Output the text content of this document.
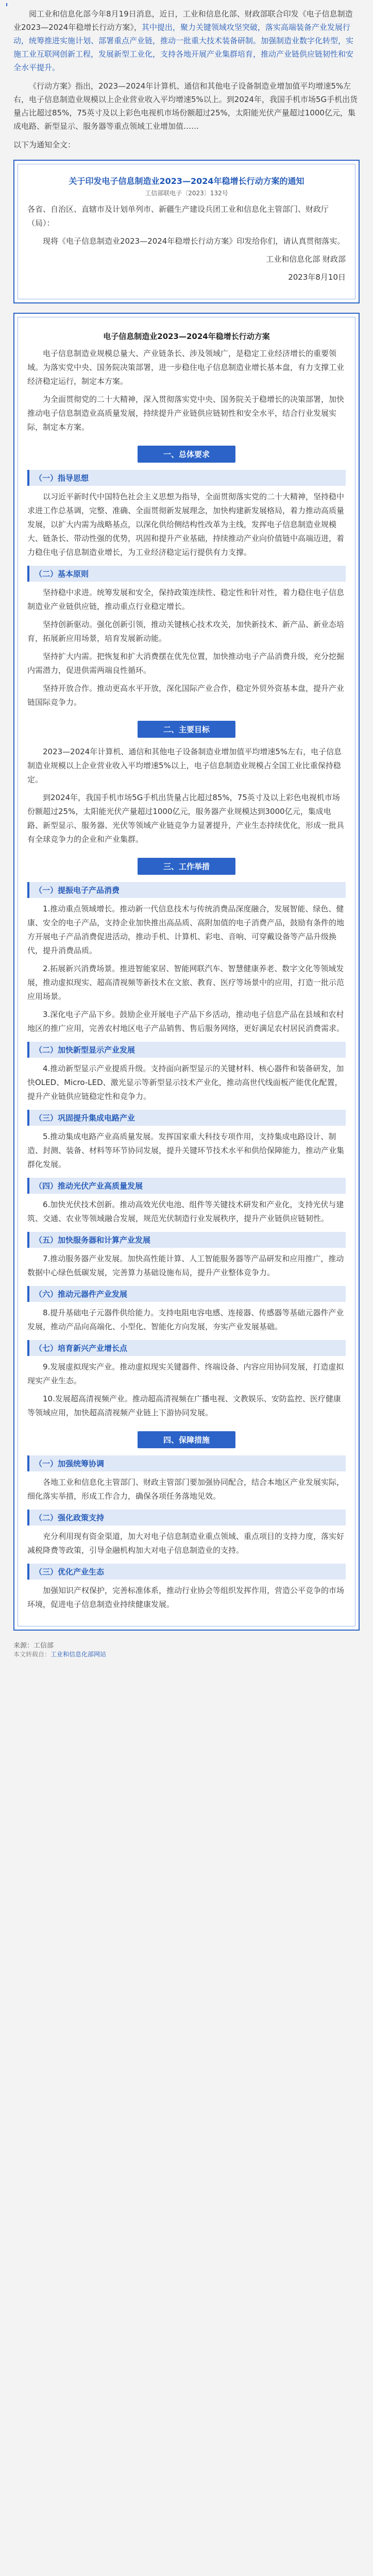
阅工业和信息化部今年8月19日消息，近日，工业和信息化部、财政部联合印发《电子信息制造业2023—2024年稳增长行动方案》，其中提出，聚力关键领域攻坚突破，落实高端装备产业发展行动，统筹推进实施计划、部署重点产业链，推动一批重大技术装备研制。加强制造业数字化转型，实施工业互联网创新工程，发展新型工业化，支持各地开展产业集群培育，推动产业链供应链韧性和安全水平提升。

《行动方案》指出，2023—2024年计算机、通信和其他电子设备制造业增加值平均增速5%左右，电子信息制造业规模以上企业营业收入平均增速5%以上。到2024年，我国手机市场5G手机出货量占比超过85%，75英寸及以上彩色电视机市场份额超过25%，太阳能光伏产量超过1000亿元，集成电路、新型显示、服务器等重点领域工业增加值……

以下为通知全文：

关于印发电子信息制造业2023—2024年稳增长行动方案的通知
工信部联电子〔2023〕132号

各省、自治区、直辖市及计划单列市、新疆生产建设兵团工业和信息化主管部门、财政厅（局）：

现将《电子信息制造业2023—2024年稳增长行动方案》印发给你们，请认真贯彻落实。

工业和信息化部 财政部

2023年8月10日

电子信息制造业2023—2024年稳增长行动方案

电子信息制造业规模总量大、产业链条长、涉及领域广，是稳定工业经济增长的重要领域。为落实党中央、国务院决策部署，进一步稳住电子信息制造业增长基本盘，有力支撑工业经济稳定运行，制定本方案。

为全面贯彻党的二十大精神，深入贯彻落实党中央、国务院关于稳增长的决策部署，加快推动电子信息制造业高质量发展，持续提升产业链供应链韧性和安全水平，结合行业发展实际，制定本方案。

一、总体要求
（一）指导思想

以习近平新时代中国特色社会主义思想为指导，全面贯彻落实党的二十大精神，坚持稳中求进工作总基调，完整、准确、全面贯彻新发展理念，加快构建新发展格局，着力推动高质量发展，以扩大内需为战略基点，以深化供给侧结构性改革为主线，发挥电子信息制造业规模大、链条长、带动性强的优势，巩固和提升产业基础，持续推动产业向价值链中高端迈进，着力稳住电子信息制造业增长，为工业经济稳定运行提供有力支撑。

（二）基本原则

坚持稳中求进。统筹发展和安全，保持政策连续性、稳定性和针对性，着力稳住电子信息制造业产业链供应链，推动重点行业稳定增长。

坚持创新驱动。强化创新引领，推动关键核心技术攻关，加快新技术、新产品、新业态培育，拓展新应用场景，培育发展新动能。

坚持扩大内需。把恢复和扩大消费摆在优先位置，加快推动电子产品消费升级，充分挖掘内需潜力，促进供需两端良性循环。

坚持开放合作。推动更高水平开放，深化国际产业合作，稳定外贸外资基本盘，提升产业链国际竞争力。

二、主要目标

2023—2024年计算机、通信和其他电子设备制造业增加值平均增速5%左右，电子信息制造业规模以上企业营业收入平均增速5%以上，电子信息制造业规模占全国工业比重保持稳定。

到2024年，我国手机市场5G手机出货量占比超过85%，75英寸及以上彩色电视机市场份额超过25%，太阳能光伏产量超过1000亿元，服务器产业规模达到3000亿元，集成电路、新型显示、服务器、光伏等领域产业链竞争力显著提升，产业生态持续优化，形成一批具有全球竞争力的企业和产业集群。

三、工作举措
（一）提振电子产品消费

1.推动重点领域增长。推动新一代信息技术与传统消费品深度融合，发展智能、绿色、健康、安全的电子产品，支持企业加快推出高品质、高附加值的电子消费产品，鼓励有条件的地方开展电子产品消费促进活动，推动手机、计算机、彩电、音响、可穿戴设备等产品升级换代，提升消费品质。

2.拓展新兴消费场景。推进智能家居、智能网联汽车、智慧健康养老、数字文化等领域发展，推动虚拟现实、超高清视频等新技术在文旅、教育、医疗等场景中的应用，打造一批示范应用场景。

3.深化电子产品下乡。鼓励企业开展电子产品下乡活动，推动电子信息产品在县域和农村地区的推广应用，完善农村地区电子产品销售、售后服务网络，更好满足农村居民消费需求。

（二）加快新型显示产业发展

4.推动新型显示产业提质升级。支持面向新型显示的关键材料、核心器件和装备研发，加快OLED、Micro-LED、激光显示等新型显示技术产业化，推动高世代线面板产能优化配置，提升产业链供应链稳定性和竞争力。

（三）巩固提升集成电路产业

5.推动集成电路产业高质量发展。发挥国家重大科技专项作用，支持集成电路设计、制造、封测、装备、材料等环节协同发展，提升关键环节技术水平和供给保障能力，推动产业集群化发展。

（四）推动光伏产业高质量发展

6.加快光伏技术创新。推动高效光伏电池、组件等关键技术研发和产业化，支持光伏与建筑、交通、农业等领域融合发展，规范光伏制造行业发展秩序，提升产业链供应链韧性。

（五）加快服务器和计算产业发展

7.推动服务器产业发展。加快高性能计算、人工智能服务器等产品研发和应用推广，推动数据中心绿色低碳发展，完善算力基础设施布局，提升产业整体竞争力。

（六）推动元器件产业发展

8.提升基础电子元器件供给能力。支持电阻电容电感、连接器、传感器等基础元器件产业发展，推动产品向高端化、小型化、智能化方向发展，夯实产业发展基础。

（七）培育新兴产业增长点

9.发展虚拟现实产业。推动虚拟现实关键器件、终端设备、内容应用协同发展，打造虚拟现实产业生态。

10.发展超高清视频产业。推动超高清视频在广播电视、文教娱乐、安防监控、医疗健康等领域应用，加快超高清视频产业链上下游协同发展。

四、保障措施
（一）加强统筹协调

各地工业和信息化主管部门、财政主管部门要加强协同配合，结合本地区产业发展实际，细化落实举措，形成工作合力，确保各项任务落地见效。

（二）强化政策支持

充分利用现有资金渠道，加大对电子信息制造业重点领域、重点项目的支持力度，落实好减税降费等政策，引导金融机构加大对电子信息制造业的支持。

（三）优化产业生态

加强知识产权保护，完善标准体系，推动行业协会等组织发挥作用，营造公平竞争的市场环境，促进电子信息制造业持续健康发展。

来源：工信部

本文转载自：工业和信息化部网站
